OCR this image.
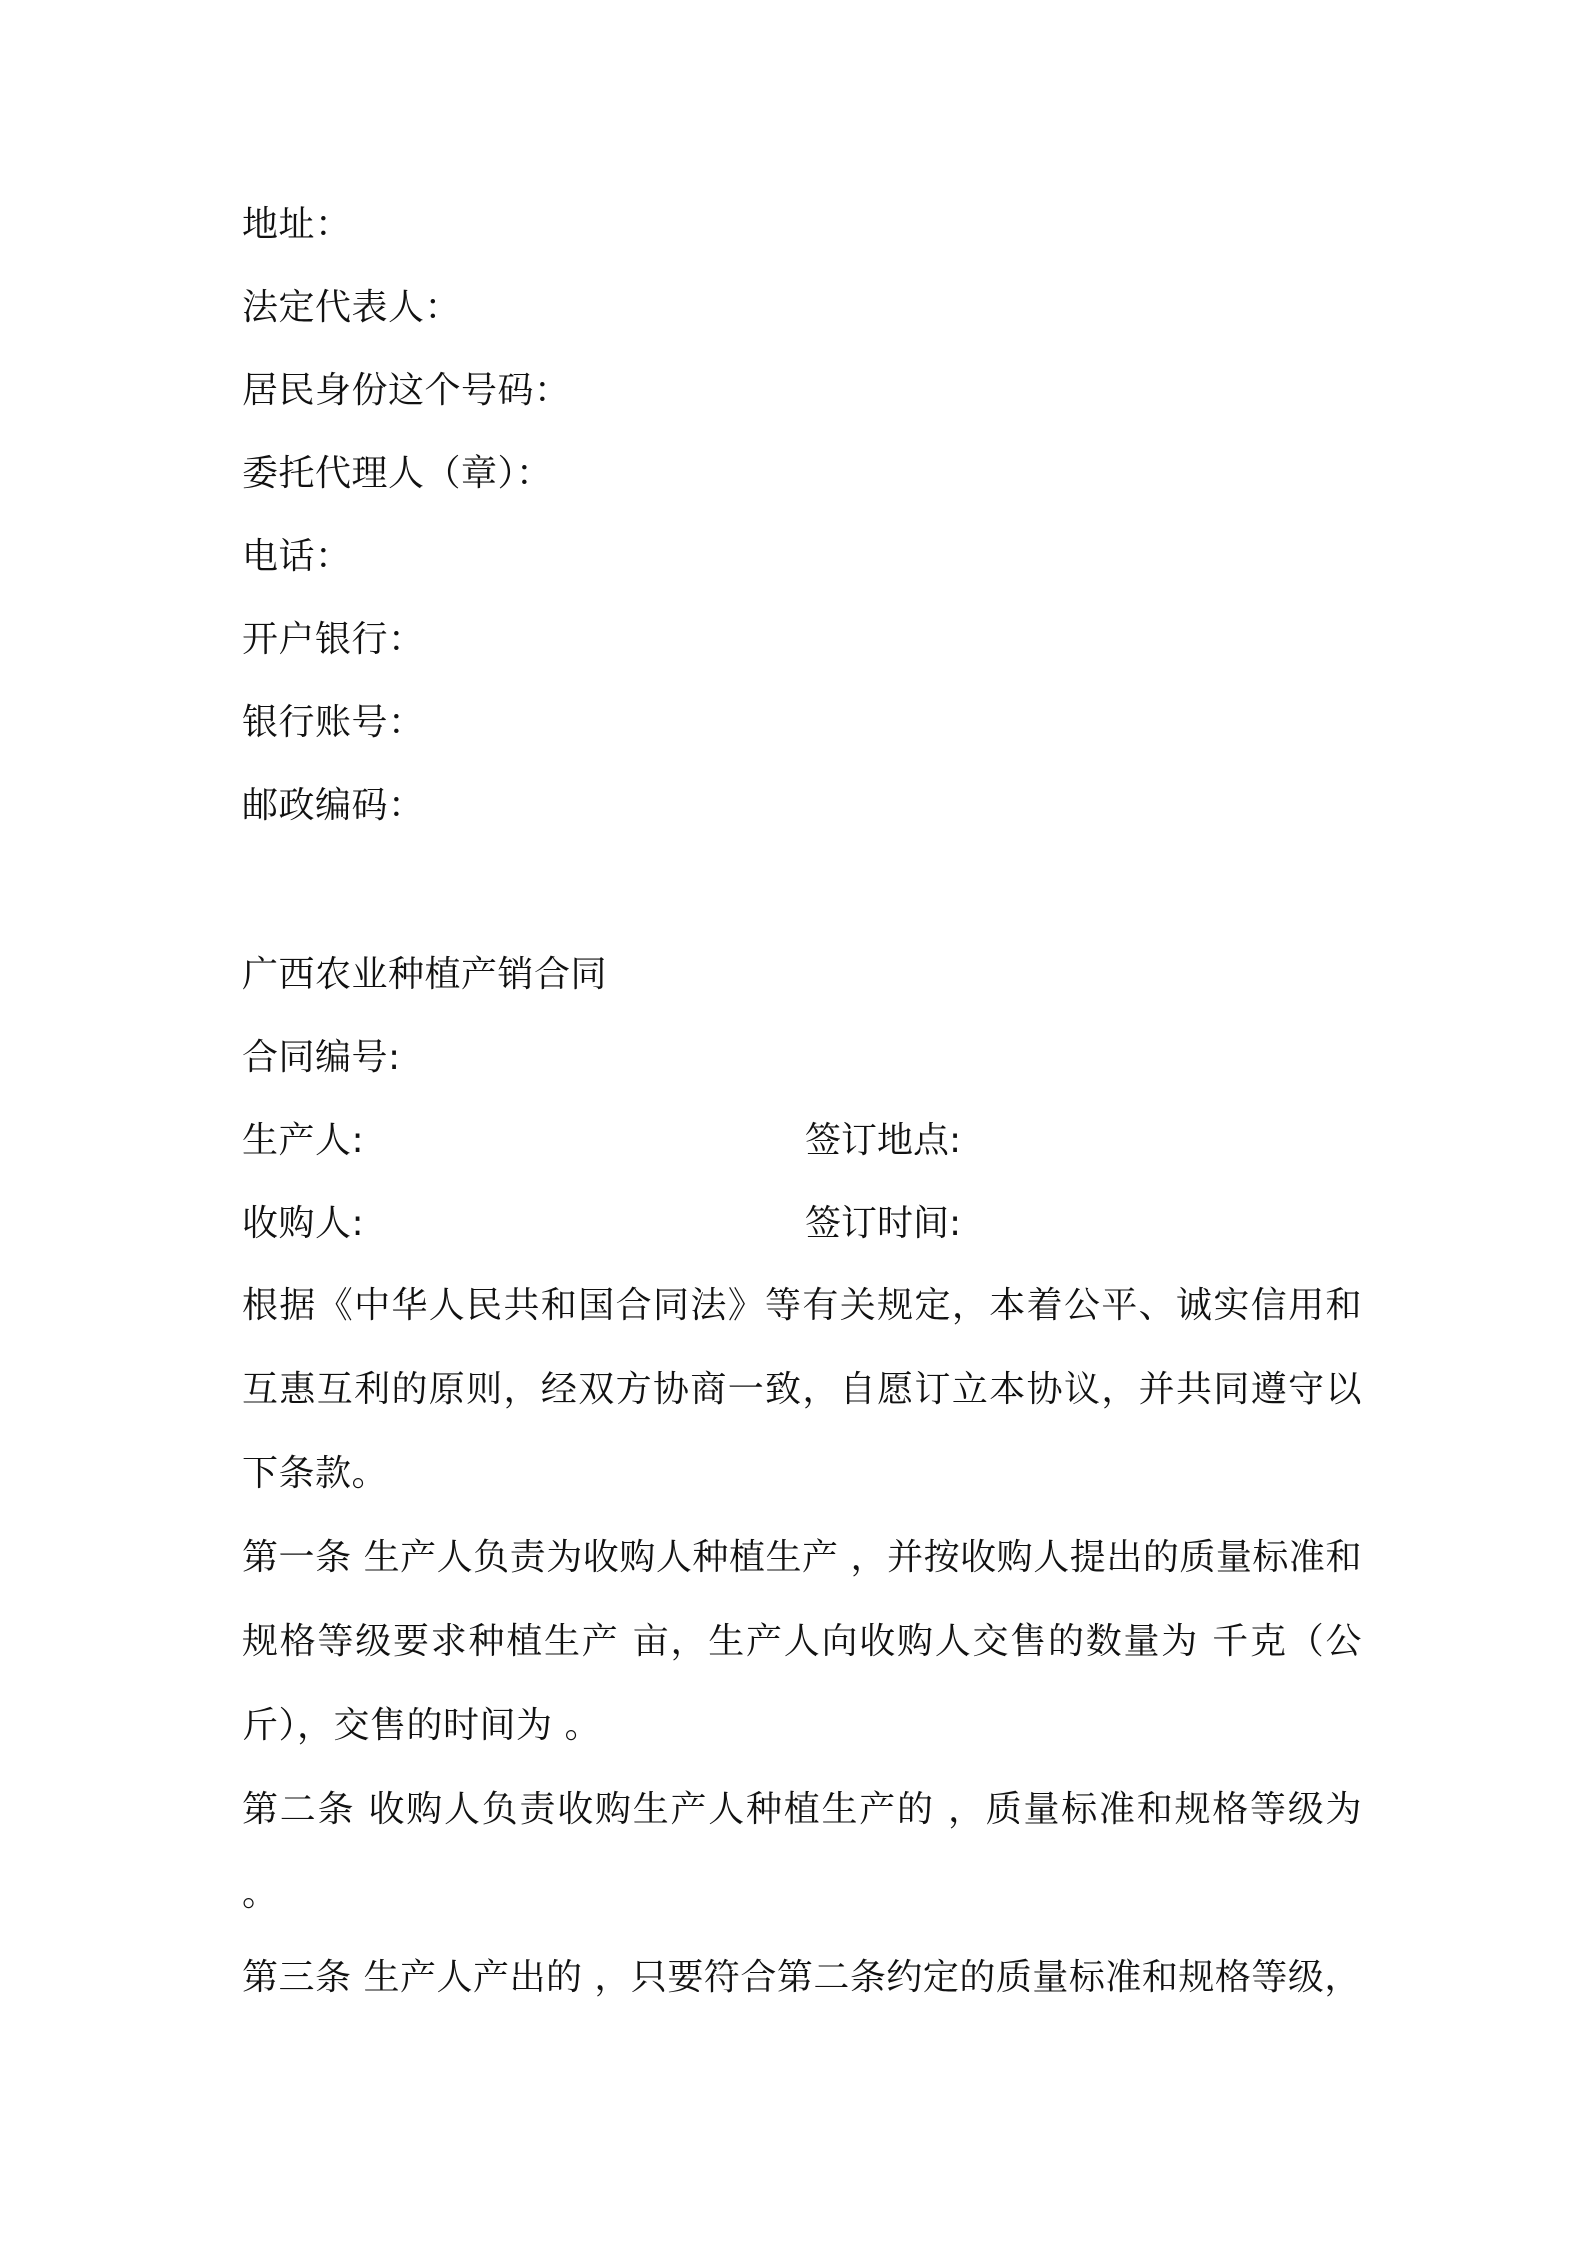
地址：
法定代表人：
居民身份这个号码：
委托代理人（章）：
电话：
开户银行：
银行账号：
邮政编码：
广西农业种植产销合同
合同编号:
生产人:	签订地点:
收购人:	签订时间:
根据《中华人民共和国合同法》等有关规定，本着公平、诚实信用和互惠互利的原则，经双方协商一致，自愿订立本协议，并共同遵守以下条款。
第一条 生产人负责为收购人种植生产 ，并按收购人提出的质量标准和规格等级要求种植生产 亩，生产人向收购人交售的数量为 千克（公斤），交售的时间为 。
第二条 收购人负责收购生产人种植生产的 ，质量标准和规格等级为 。
第三条 生产人产出的 ，只要符合第二条约定的质量标准和规格等级，
